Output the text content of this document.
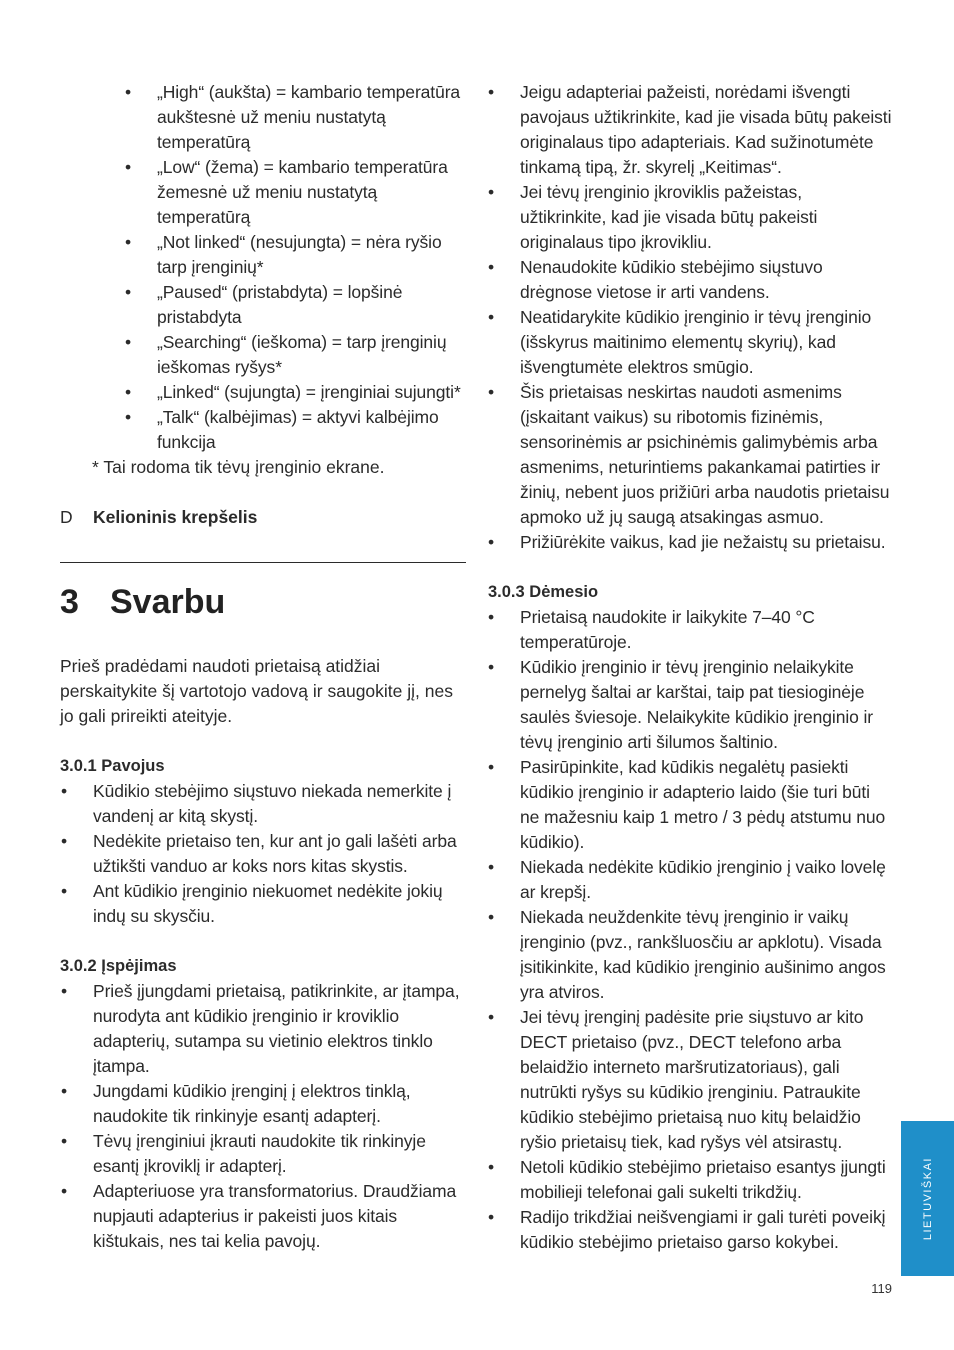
• „High“ (aukšta) = kambario temperatūra aukštesnė už meniu nustatytą temperatūrą
• „Low“ (žema) = kambario temperatūra žemesnė už meniu nustatytą temperatūrą
• „Not linked“ (nesujungta) = nėra ryšio tarp įrenginių*
• „Paused“ (pristabdyta) = lopšinė pristabdyta
• „Searching“ (ieškoma) = tarp įrenginių ieškomas ryšys*
• „Linked“ (sujungta) = įrenginiai sujungti*
• „Talk“ (kalbėjimas) = aktyvi kalbėjimo funkcija
* Tai rodoma tik tėvų įrenginio ekrane.
D Kelioninis krepšelis
3 Svarbu
Prieš pradėdami naudoti prietaisą atidžiai perskaitykite šį vartotojo vadovą ir saugokite jį, nes jo gali prireikti ateityje.
3.0.1 Pavojus
• Kūdikio stebėjimo siųstuvo niekada nemerkite į vandenį ar kitą skystį.
• Nedėkite prietaiso ten, kur ant jo gali lašėti arba užtikšti vanduo ar koks nors kitas skystis.
• Ant kūdikio įrenginio niekuomet nedėkite jokių indų su skysčiu.
3.0.2 Įspėjimas
• Prieš įjungdami prietaisą, patikrinkite, ar įtampa, nurodyta ant kūdikio įrenginio ir kroviklio adapterių, sutampa su vietinio elektros tinklo įtampa.
• Jungdami kūdikio įrenginį į elektros tinklą, naudokite tik rinkinyje esantį adapterį.
• Tėvų įrenginiui įkrauti naudokite tik rinkinyje esantį įkroviklį ir adapterį.
• Adapteriuose yra transformatorius. Draudžiama nupjauti adapterius ir pakeisti juos kitais kištukais, nes tai kelia pavojų.
• Jeigu adapteriai pažeisti, norėdami išvengti pavojaus užtikrinkite, kad jie visada būtų pakeisti originalaus tipo adapteriais. Kad sužinotumėte tinkamą tipą, žr. skyrelį „Keitimas“.
• Jei tėvų įrenginio įkroviklis pažeistas, užtikrinkite, kad jie visada būtų pakeisti originalaus tipo įkrovikliu.
• Nenaudokite kūdikio stebėjimo siųstuvo drėgnose vietose ir arti vandens.
• Neatidarykite kūdikio įrenginio ir tėvų įrenginio (išskyrus maitinimo elementų skyrių), kad išvengtumėte elektros smūgio.
• Šis prietaisas neskirtas naudoti asmenims (įskaitant vaikus) su ribotomis fizinėmis, sensorinėmis ar psichinėmis galimybėmis arba asmenims, neturintiems pakankamai patirties ir žinių, nebent juos prižiūri arba naudotis prietaisu apmoko už jų saugą atsakingas asmuo.
• Prižiūrėkite vaikus, kad jie nežaistų su prietaisu.
3.0.3 Dėmesio
• Prietaisą naudokite ir laikykite 7–40 °C temperatūroje.
• Kūdikio įrenginio ir tėvų įrenginio nelaikykite pernelyg šaltai ar karštai, taip pat tiesioginėje saulės šviesoje. Nelaikykite kūdikio įrenginio ir tėvų įrenginio arti šilumos šaltinio.
• Pasirūpinkite, kad kūdikis negalėtų pasiekti kūdikio įrenginio ir adapterio laido (šie turi būti ne mažesniu kaip 1 metro / 3 pėdų atstumu nuo kūdikio).
• Niekada nedėkite kūdikio įrenginio į vaiko lovelę ar krepšį.
• Niekada neuždenkite tėvų įrenginio ir vaikų įrenginio (pvz., rankšluosčiu ar apklotu). Visada įsitikinkite, kad kūdikio įrenginio aušinimo angos yra atviros.
• Jei tėvų įrenginį padėsite prie siųstuvo ar kito DECT prietaiso (pvz., DECT telefono arba belaidžio interneto maršrutizatoriaus), gali nutrūkti ryšys su kūdikio įrenginiu. Patraukite kūdikio stebėjimo prietaisą nuo kitų belaidžio ryšio prietaisų tiek, kad ryšys vėl atsirastų.
• Netoli kūdikio stebėjimo prietaiso esantys įjungti mobilieji telefonai gali sukelti trikdžių.
• Radijo trikdžiai neišvengiami ir gali turėti poveikį kūdikio stebėjimo prietaiso garso kokybei.
LIETUVIŠKAI
119
